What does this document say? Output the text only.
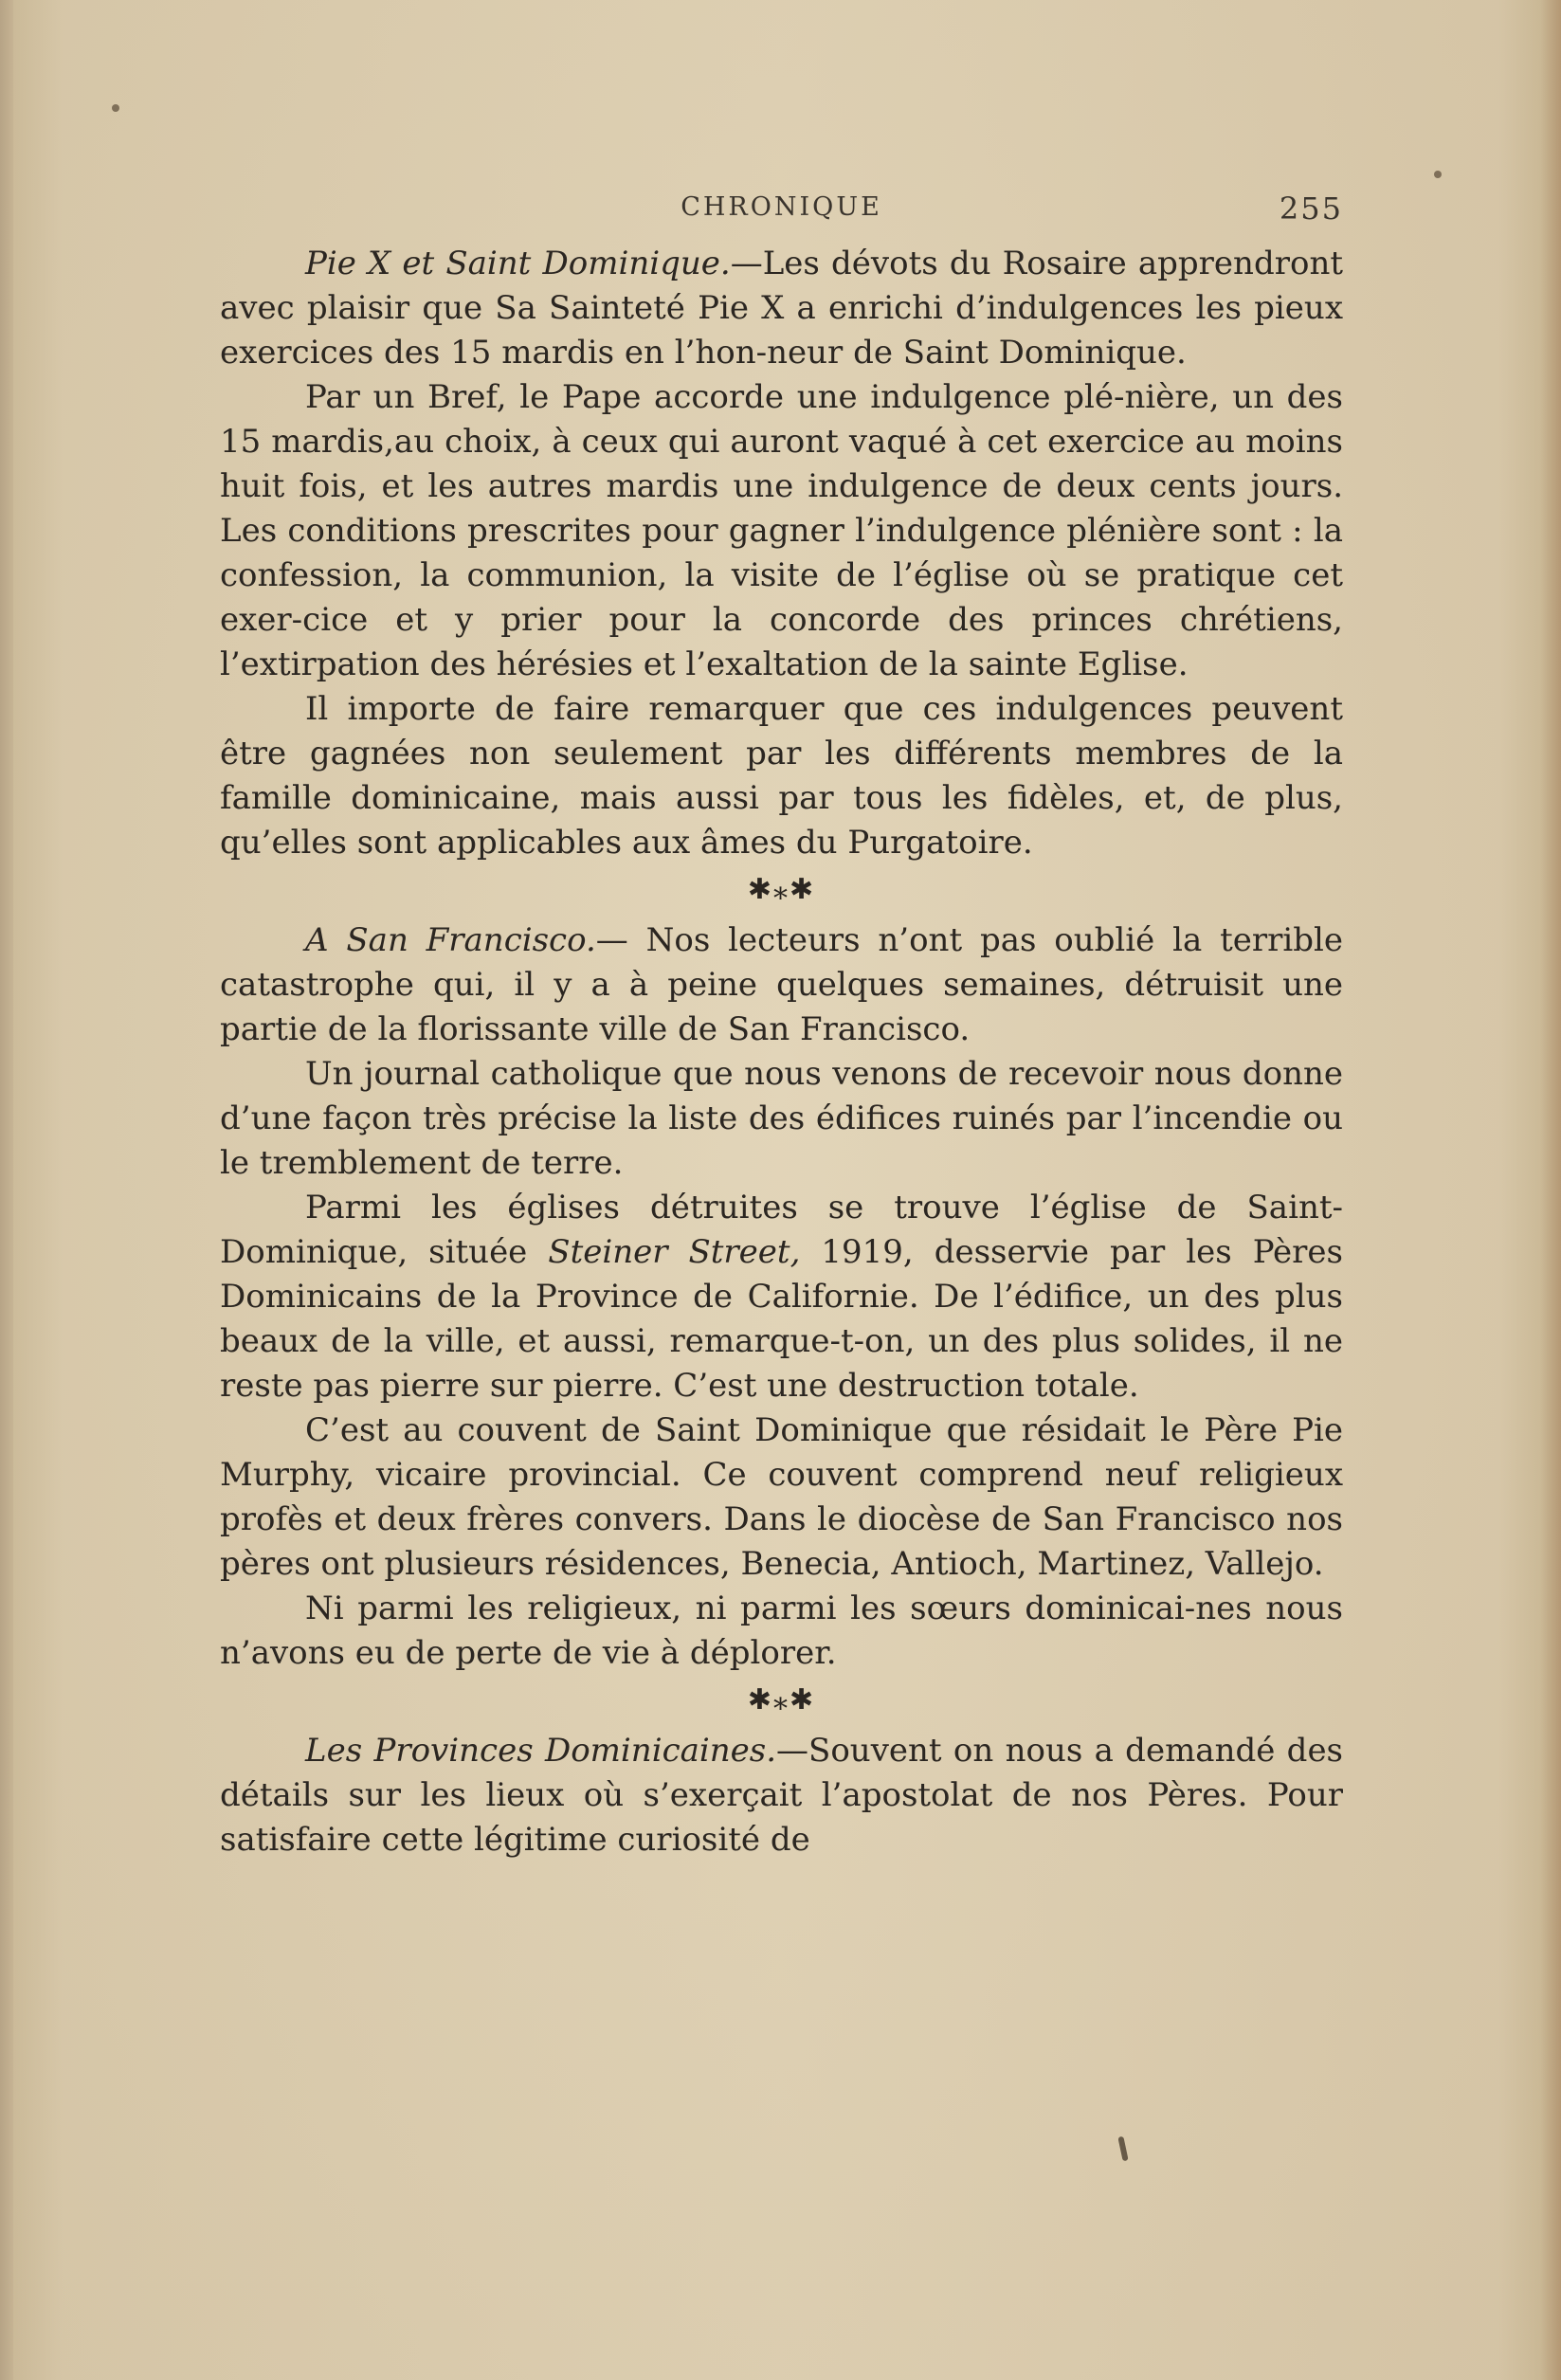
CHRONIQUE	255

Pie X et Saint Dominique.—Les dévots du Rosaire apprendront avec plaisir que Sa Sainteté Pie X a enrichi d’indulgences les pieux exercices des 15 mardis en l’hon-neur de Saint Dominique.

Par un Bref, le Pape accorde une indulgence plé-nière, un des 15 mardis,au choix, à ceux qui auront vaqué à cet exercice au moins huit fois, et les autres mardis une indulgence de deux cents jours. Les conditions prescrites pour gagner l’indulgence plénière sont : la confession, la communion, la visite de l’église où se pratique cet exer-cice et y prier pour la concorde des princes chrétiens, l’extirpation des hérésies et l’exaltation de la sainte Eglise.

Il importe de faire remarquer que ces indulgences peuvent être gagnées non seulement par les différents membres de la famille dominicaine, mais aussi par tous les fidèles, et, de plus, qu’elles sont applicables aux âmes du Purgatoire.

✱⁎✱

A San Francisco.— Nos lecteurs n’ont pas oublié la terrible catastrophe qui, il y a à peine quelques semaines, détruisit une partie de la florissante ville de San Francisco.

Un journal catholique que nous venons de recevoir nous donne d’une façon très précise la liste des édifices ruinés par l’incendie ou le tremblement de terre.

Parmi les églises détruites se trouve l’église de Saint-Dominique, située Steiner Street, 1919, desservie par les Pères Dominicains de la Province de Californie. De l’édifice, un des plus beaux de la ville, et aussi, remarque-t-on, un des plus solides, il ne reste pas pierre sur pierre. C’est une destruction totale.

C’est au couvent de Saint Dominique que résidait le Père Pie Murphy, vicaire provincial. Ce couvent comprend neuf religieux profès et deux frères convers. Dans le diocèse de San Francisco nos pères ont plusieurs résidences, Benecia, Antioch, Martinez, Vallejo.

Ni parmi les religieux, ni parmi les sœurs dominicai-nes nous n’avons eu de perte de vie à déplorer.

✱⁎✱

Les Provinces Dominicaines.—Souvent on nous a demandé des détails sur les lieux où s’exerçait l’apostolat de nos Pères. Pour satisfaire cette légitime curiosité de
